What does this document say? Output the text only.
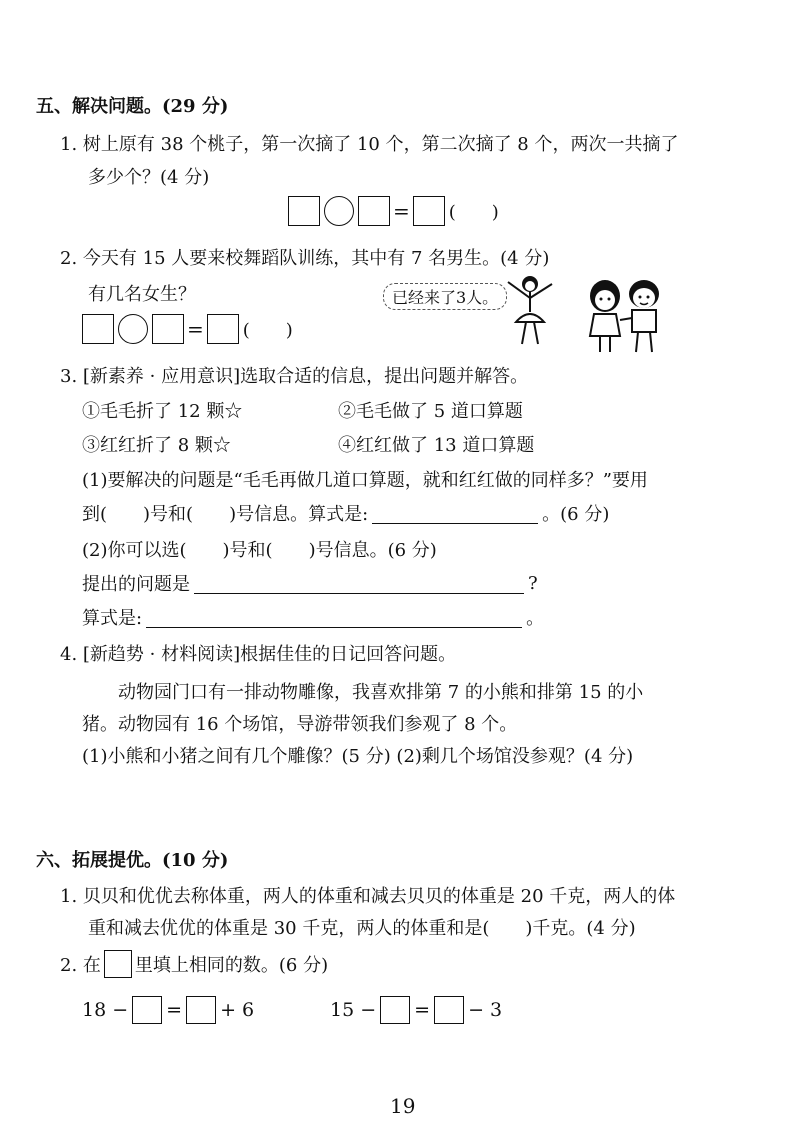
五、解决问题。(29 分)
1. 树上原有 38 个桃子，第一次摘了 10 个，第二次摘了 8 个，两次一共摘了
多少个？(4 分)
= (　　)
2. 今天有 15 人要来校舞蹈队训练，其中有 7 名男生。(4 分)
有几名女生？	已经来了3人。
= (　　)
3. [新素养 · 应用意识]选取合适的信息，提出问题并解答。
①毛毛折了 12 颗☆	②毛毛做了 5 道口算题
③红红折了 8 颗☆	④红红做了 13 道口算题
(1)要解决的问题是“毛毛再做几道口算题，就和红红做的同样多？”要用
到(　　)号和(　　)号信息。算式是:	。(6 分)
(2)你可以选(　　)号和(　　)号信息。(6 分)
提出的问题是	?
算式是:	。
4. [新趋势 · 材料阅读]根据佳佳的日记回答问题。
动物园门口有一排动物雕像，我喜欢排第 7 的小熊和排第 15 的小
猪。动物园有 16 个场馆，导游带领我们参观了 8 个。
(1)小熊和小猪之间有几个雕像？(5 分) (2)剩几个场馆没参观？(4 分)
六、拓展提优。(10 分)
1. 贝贝和优优去称体重，两人的体重和减去贝贝的体重是 20 千克，两人的体
重和减去优优的体重是 30 千克，两人的体重和是(　　)千克。(4 分)
2. 在 里填上相同的数。(6 分)
18 − = + 6	15 − = − 3
19
